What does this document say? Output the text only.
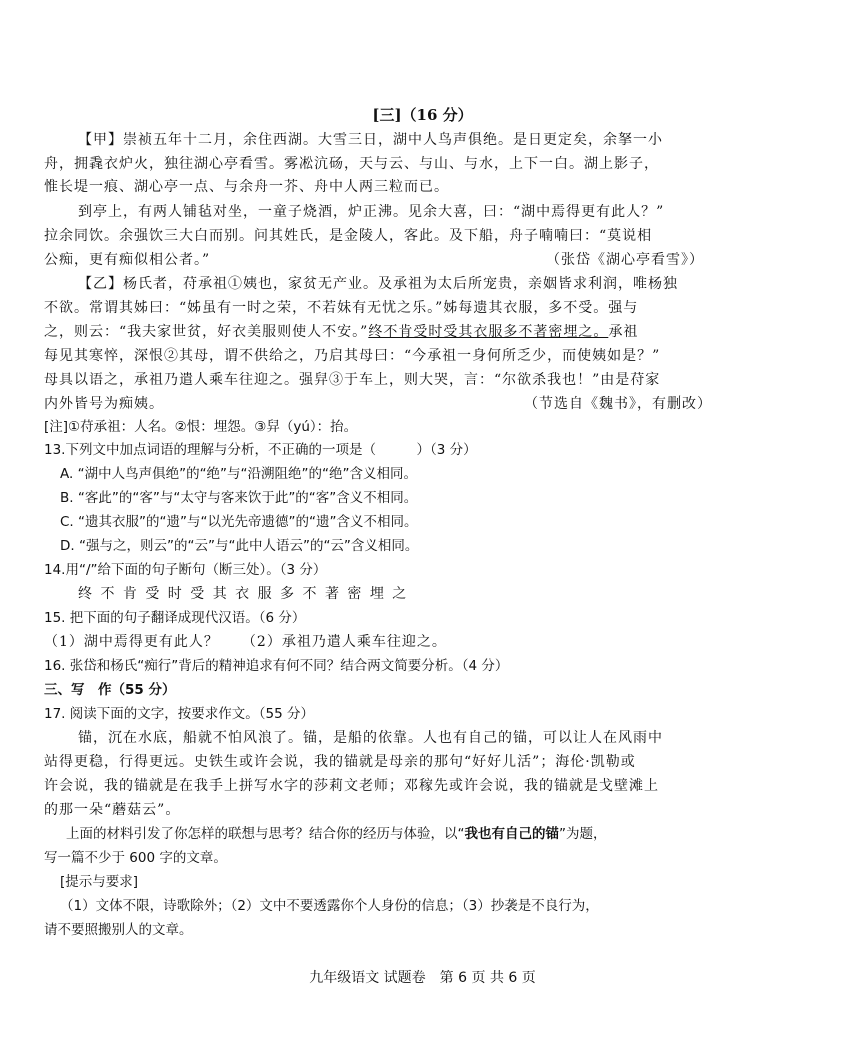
[三]（16 分）
【甲】崇祯五年十二月，余住西湖。大雪三日，湖中人鸟声俱绝。是日更定矣，余拏一小
舟，拥毳衣炉火，独往湖心亭看雪。雾凇沆砀，天与云、与山、与水，上下一白。湖上影子，
惟长堤一痕、湖心亭一点、与余舟一芥、舟中人两三粒而已。
到亭上，有两人铺毡对坐，一童子烧酒，炉正沸。见余大喜，曰：“湖中焉得更有此人？”
拉余同饮。余强饮三大白而别。问其姓氏，是金陵人，客此。及下船，舟子喃喃曰：“莫说相
公痴，更有痴似相公者。”	（张岱《湖心亭看雪》）
【乙】杨氏者，苻承祖①姨也，家贫无产业。及承祖为太后所宠贵，亲姻皆求利润，唯杨独
不欲。常谓其姊曰：“姊虽有一时之荣，不若妹有无忧之乐。”姊每遗其衣服，多不受。强与
之，则云：“我夫家世贫，好衣美服则使人不安。”终不肯受时受其衣服多不著密埋之。承祖
每见其寒悴，深恨②其母，谓不供给之，乃启其母曰：“今承祖一身何所乏少，而使姨如是？”
母具以语之，承祖乃遣人乘车往迎之。强舁③于车上，则大哭，言：“尔欲杀我也！”由是苻家
内外皆号为痴姨。	（节选自《魏书》，有删改）
[注]①苻承祖：人名。②恨：埋怨。③舁（yú）：抬。
13.下列文中加点词语的理解与分析，不正确的一项是（　　　）（3 分）
A. “湖中人鸟声俱绝”的“绝”与“沿溯阻绝”的“绝”含义相同。
B. “客此”的“客”与“太守与客来饮于此”的“客”含义不相同。
C. “遗其衣服”的“遗”与“以光先帝遗德”的“遗”含义不相同。
D. “强与之，则云”的“云”与“此中人语云”的“云”含义相同。
14.用“/”给下面的句子断句（断三处）。（3 分）
终 不 肯 受 时 受 其 衣 服 多 不 著 密 埋 之
15. 把下面的句子翻译成现代汉语。（6 分）
（1）湖中焉得更有此人？　　（2）承祖乃遣人乘车往迎之。
16. 张岱和杨氏“痴行”背后的精神追求有何不同？结合两文简要分析。（4 分）
三、写　作（55 分）
17. 阅读下面的文字，按要求作文。（55 分）
锚，沉在水底，船就不怕风浪了。锚，是船的依靠。人也有自己的锚，可以让人在风雨中
站得更稳，行得更远。史铁生或许会说，我的锚就是母亲的那句“好好儿活”；海伦·凯勒或
许会说，我的锚就是在我手上拼写水字的莎莉文老师；邓稼先或许会说，我的锚就是戈壁滩上
的那一朵“蘑菇云”。
上面的材料引发了你怎样的联想与思考？结合你的经历与体验，以“我也有自己的锚”为题，
写一篇不少于 600 字的文章。
[提示与要求]
（1）文体不限，诗歌除外；（2）文中不要透露你个人身份的信息；（3）抄袭是不良行为，
请不要照搬别人的文章。
九年级语文 试题卷　第 6 页 共 6 页
